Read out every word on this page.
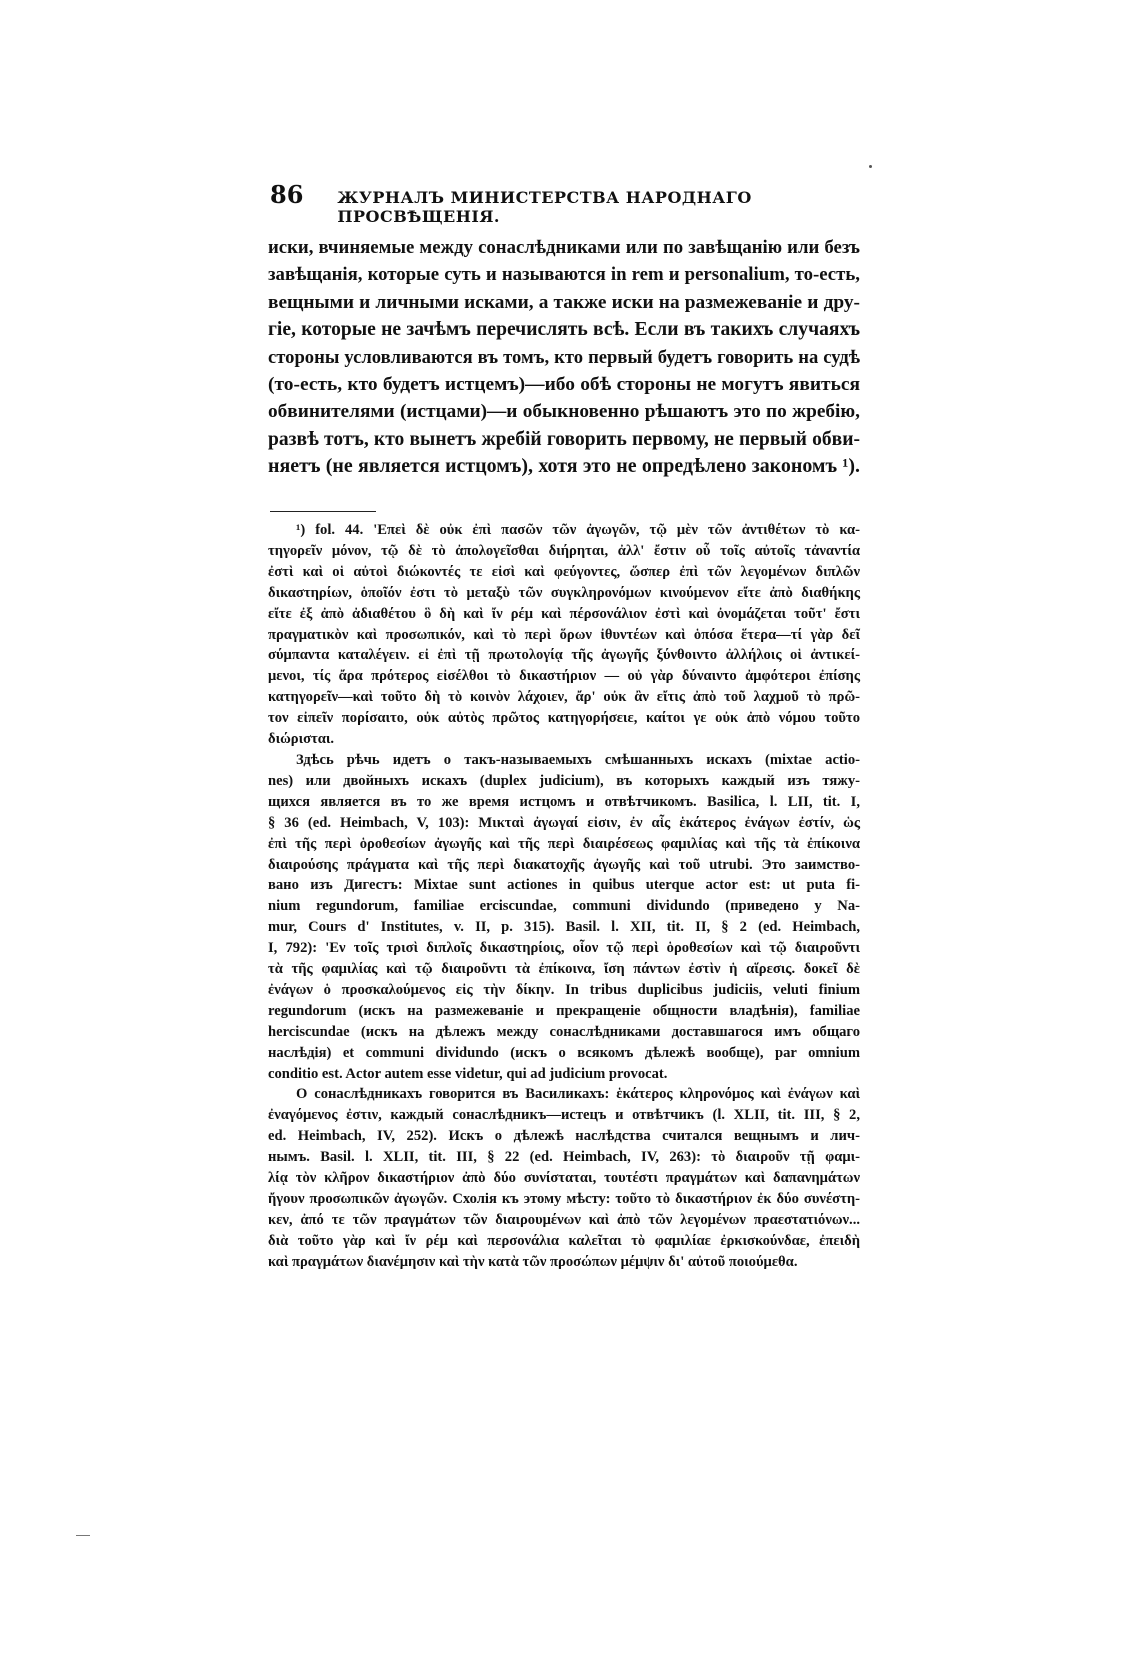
86 ЖУРНАЛЪ МИНИСТЕРСТВА НАРОДНАГО ПРОСВѢЩЕНІЯ.
иски, вчиняемые между сонаслѣдниками или по завѣщанію или безъ
завѣщанія, которые суть и называются in rem и personalium, то-есть,
вещными и личными исками, а также иски на размежеваніе и дру-
гіе, которые не зачѣмъ перечислять всѣ. Если въ такихъ случаяхъ
стороны условливаются въ томъ, кто первый будетъ говорить на судѣ
(то-есть, кто будетъ истцемъ)—ибо обѣ стороны не могутъ явиться
обвинителями (истцами)—и обыкновенно рѣшаютъ это по жребію,
развѣ тотъ, кто вынетъ жребій говорить первому, не первый обви-
няетъ (не является истцомъ), хотя это не опредѣлено закономъ ¹).
¹) fol. 44. 'Επεὶ δὲ οὐκ ἐπὶ πασῶν τῶν ἀγωγῶν, τῷ μὲν τῶν ἀντιθέτων τὸ κα-
τηγορεῖν μόνον, τῷ δὲ τὸ ἀπολογεῖσθαι διήρηται, ἀλλ' ἔστιν οὗ τοῖς αὐτοῖς τἀναντία
ἐστὶ καὶ οἱ αὐτοὶ διώκοντές τε εἰσὶ καὶ φεύγοντες, ὥσπερ ἐπὶ τῶν λεγομένων διπλῶν
δικαστηρίων, ὁποῖόν ἐστι τὸ μεταξὺ τῶν συγκληρονόμων κινούμενον εἴτε ἀπὸ διαθήκης
εἴτε ἐξ ἀπὸ ἀδιαθέτου ὃ δὴ καὶ ἴν ρέμ καὶ πέρσονάλιον ἐστὶ καὶ ὀνομάζεται τοῦτ' ἔστι
πραγματικὸν καὶ προσωπικόν, καὶ τὸ περὶ ὅρων ἰθυντέων καὶ ὁπόσα ἕτερα—τί γὰρ δεῖ
σύμπαντα καταλέγειν. εἰ ἐπὶ τῇ πρωτολογίᾳ τῆς ἀγωγῆς ξύνθοιντο ἀλλήλοις οἱ ἀντικεί-
μενοι, τίς ἄρα πρότερος εἰσέλθοι τὸ δικαστήριον — οὐ γὰρ δύναιντο ἀμφότεροι ἐπίσης
κατηγορεῖν—καὶ τοῦτο δὴ τὸ κοινὸν λάχοιεν, ἄρ' οὐκ ἂν εἴτις ἀπὸ τοῦ λαχμοῦ τὸ πρῶ-
τον εἰπεῖν πορίσαιτο, οὐκ αὐτὸς πρῶτος κατηγορήσειε, καίτοι γε οὐκ ἀπὸ νόμου τοῦτο
διώρισται.
Здѣсь рѣчь идетъ о такъ-называемыхъ смѣшанныхъ искахъ (mixtae actio-
nes) или двойныхъ искахъ (duplex judicium), въ которыхъ каждый изъ тяжу-
щихся является въ то же время истцомъ и отвѣтчикомъ. Basilica, l. LII, tit. I,
§ 36 (ed. Heimbach, V, 103): Μικταὶ ἀγωγαί εἰσιν, ἐν αἷς ἑκάτερος ἐνάγων ἐστίν, ὡς
ἐπὶ τῆς περὶ ὁροθεσίων ἀγωγῆς καὶ τῆς περὶ διαιρέσεως φαμιλίας καὶ τῆς τὰ ἐπίκοινα
διαιρούσης πράγματα καὶ τῆς περὶ διακατοχῆς ἀγωγῆς καὶ τοῦ utrubi. Это заимство-
вано изъ Дигестъ: Mixtae sunt actiones in quibus uterque actor est: ut puta fi-
nium regundorum, familiae erciscundae, communi dividundo (приведено у Na-
mur, Cours d' Institutes, v. II, p. 315). Basil. l. XII, tit. II, § 2 (ed. Heimbach,
I, 792): 'Εν τοῖς τρισὶ διπλοῖς δικαστηρίοις, οἷον τῷ περὶ ὁροθεσίων καὶ τῷ διαιροῦντι
τὰ τῆς φαμιλίας καὶ τῷ διαιροῦντι τὰ ἐπίκοινα, ἴση πάντων ἐστὶν ἡ αἵρεσις. δοκεῖ δὲ
ἐνάγων ὁ προσκαλούμενος εἰς τὴν δίκην. In tribus duplicibus judiciis, veluti finium
regundorum (искъ на размежеваніе и прекращеніе общности владѣнія), familiae
herciscundae (искъ на дѣлежъ между сонаслѣдниками доставшагося имъ общаго
наслѣдія) et communi dividundo (искъ о всякомъ дѣлежѣ вообще), par omnium
conditio est. Actor autem esse videtur, qui ad judicium provocat.
О сонаслѣдникахъ говорится въ Василикахъ: ἑκάτερος κληρονόμος καὶ ἐνάγων καὶ
ἐναγόμενος ἐστιν, каждый сонаслѣдникъ—истецъ и отвѣтчикъ (l. XLII, tit. III, § 2,
ed. Heimbach, IV, 252). Искъ о дѣлежѣ наслѣдства считался вещнымъ и лич-
нымъ. Basil. l. XLII, tit. III, § 22 (ed. Heimbach, IV, 263): τὸ διαιροῦν τῇ φαμι-
λίᾳ τὸν κλῆρον δικαστήριον ἀπὸ δύο συνίσταται, τουτέστι πραγμάτων καὶ δαπανημάτων
ἤγουν προσωπικῶν ἀγωγῶν. Схолія къ этому мѣсту: τοῦτο τὸ δικαστήριον ἐκ δύο συνέστη-
κεν, ἀπό τε τῶν πραγμάτων τῶν διαιρουμένων καὶ ἀπὸ τῶν λεγομένων πραεστατιόνων...
διὰ τοῦτο γὰρ καὶ ἴν ρέμ καὶ περσονάλια καλεῖται τὸ φαμιλίαε ἐρκισκούνδαε, ἐπειδὴ
καὶ πραγμάτων διανέμησιν καὶ τὴν κατὰ τῶν προσώπων μέμψιν δι' αὐτοῦ ποιούμεθα.
